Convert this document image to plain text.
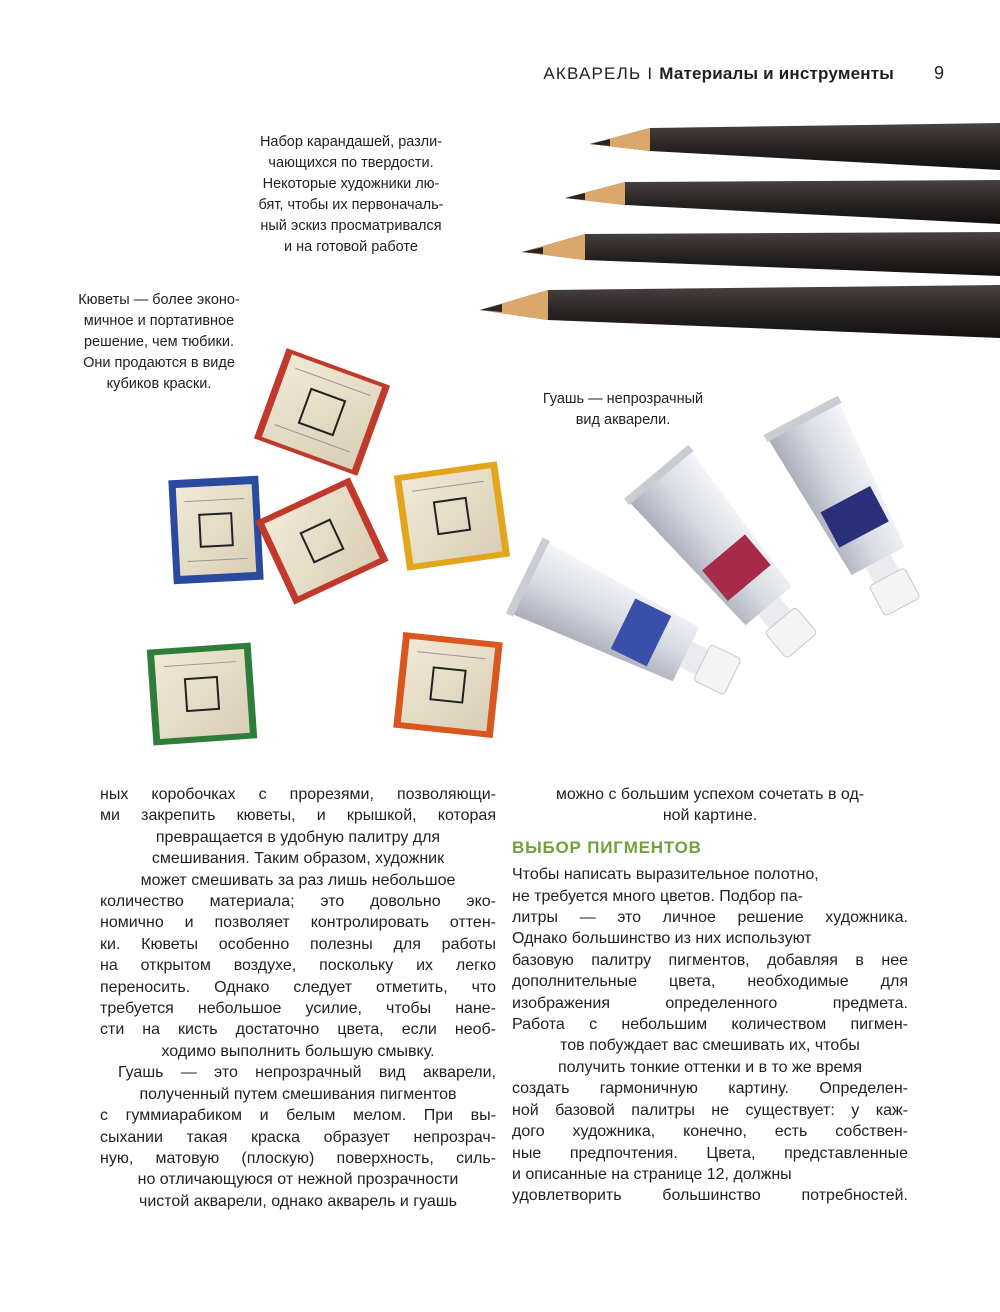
АКВАРЕЛЬ I Материалы и инструменты 9
Набор карандашей, разли-
чающихся по твердости.
Некоторые художники лю-
бят, чтобы их первоначаль-
ный эскиз просматривался
и на готовой работе
Кюветы — более эконо-
мичное и портативное
решение, чем тюбики.
Они продаются в виде
кубиков краски.
Гуашь — непрозрачный
вид акварели.
ных коробочках с прорезями, позволяющи-
ми закрепить кюветы, и крышкой, которая
превращается в удобную палитру для
смешивания. Таким образом, художник
может смешивать за раз лишь небольшое
количество материала; это довольно эко-
номично и позволяет контролировать оттен-
ки. Кюветы особенно полезны для работы
на открытом воздухе, поскольку их легко
переносить. Однако следует отметить, что
требуется небольшое усилие, чтобы нане-
сти на кисть достаточно цвета, если необ-
ходимо выполнить большую смывку.
Гуашь — это непрозрачный вид акварели,
полученный путем смешивания пигментов
с гуммиарабиком и белым мелом. При вы-
сыхании такая краска образует непрозрач-
ную, матовую (плоскую) поверхность, силь-
но отличающуюся от нежной прозрачности
чистой акварели, однако акварель и гуашь
можно с большим успехом сочетать в од-
ной картине.
ВЫБОР ПИГМЕНТОВ
Чтобы написать выразительное полотно,
не требуется много цветов. Подбор па-
литры — это личное решение художника.
Однако большинство из них используют
базовую палитру пигментов, добавляя в нее
дополнительные цвета, необходимые для
изображения определенного предмета.
Работа с небольшим количеством пигмен-
тов побуждает вас смешивать их, чтобы
получить тонкие оттенки и в то же время
создать гармоничную картину. Определен-
ной базовой палитры не существует: у каж-
дого художника, конечно, есть собствен-
ные предпочтения. Цвета, представленные
и описанные на странице 12, должны
удовлетворить большинство потребностей.
